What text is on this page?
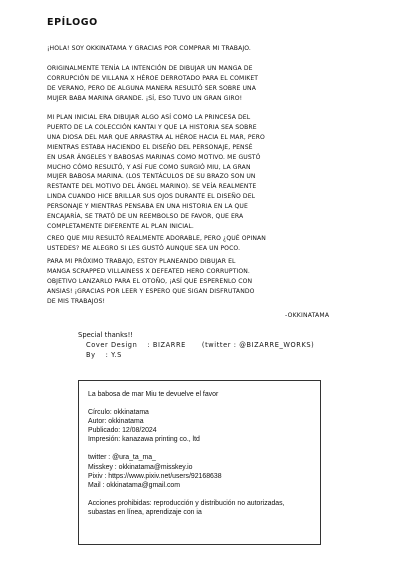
EPÍLOGO

¡HOLA! SOY OKKINATAMA Y GRACIAS POR COMPRAR MI TRABAJO.

ORIGINALMENTE TENÍA LA INTENCIÓN DE DIBUJAR UN MANGA DE
CORRUPCIÓN DE VILLANA X HÉROE DERROTADO PARA EL COMIKET
DE VERANO, PERO DE ALGUNA MANERA RESULTÓ SER SOBRE UNA
MUJER BABA MARINA GRANDE. ¡SÍ, ESO TUVO UN GRAN GIRO!

MI PLAN INICIAL ERA DIBUJAR ALGO ASÍ COMO LA PRINCESA DEL
PUERTO DE LA COLECCIÓN KANTAI Y QUE LA HISTORIA SEA SOBRE
UNA DIOSA DEL MAR QUE ARRASTRA AL HÉROE HACIA EL MAR, PERO
MIENTRAS ESTABA HACIENDO EL DISEÑO DEL PERSONAJE, PENSÉ
EN USAR ÁNGELES Y BABOSAS MARINAS COMO MOTIVO. ME GUSTÓ
MUCHO CÓMO RESULTÓ, Y ASÍ FUE COMO SURGIÓ MIU, LA GRAN
MUJER BABOSA MARINA. (LOS TENTÁCULOS DE SU BRAZO SON UN
RESTANTE DEL MOTIVO DEL ÁNGEL MARINO). SE VEÍA REALMENTE
LINDA CUANDO HICE BRILLAR SUS OJOS DURANTE EL DISEÑO DEL
PERSONAJE Y MIENTRAS PENSABA EN UNA HISTORIA EN LA QUE
ENCAJARÍA, SE TRATÓ DE UN REEMBOLSO DE FAVOR, QUE ERA
COMPLETAMENTE DIFERENTE AL PLAN INICIAL.

CREO QUE MIU RESULTÓ REALMENTE ADORABLE, PERO ¿QUÉ OPINAN
USTEDES? ME ALEGRO SI LES GUSTÓ AUNQUE SEA UN POCO.

PARA MI PRÓXIMO TRABAJO, ESTOY PLANEANDO DIBUJAR EL
MANGA SCRAPPED VILLAINESS X DEFEATED HERO CORRUPTION.
OBJETIVO LANZARLO PARA EL OTOÑO, ¡ASÍ QUE ESPERENLO CON
ANSIAS! ¡GRACIAS POR LEER Y ESPERO QUE SIGAN DISFRUTANDO
DE MIS TRABAJOS!

-OKKINATAMA

Special thanks!!

Cover Design : BIZARRE (twitter : @BIZARRE_WORKS)
By : Y.S
La babosa de mar Miu te devuelve el favor
Círculo: okkinatama
Autor: okkinatama
Publicado: 12/08/2024
Impresión: kanazawa printing co., ltd
twitter : @ura_ta_ma_
Misskey : okkinatama@misskey.io
Pixiv : https://www.pixiv.net/users/92168638
Mail : okkinatama@gmail.com
Acciones prohibidas: reproducción y distribución no autorizadas,
subastas en línea, aprendizaje con ia
